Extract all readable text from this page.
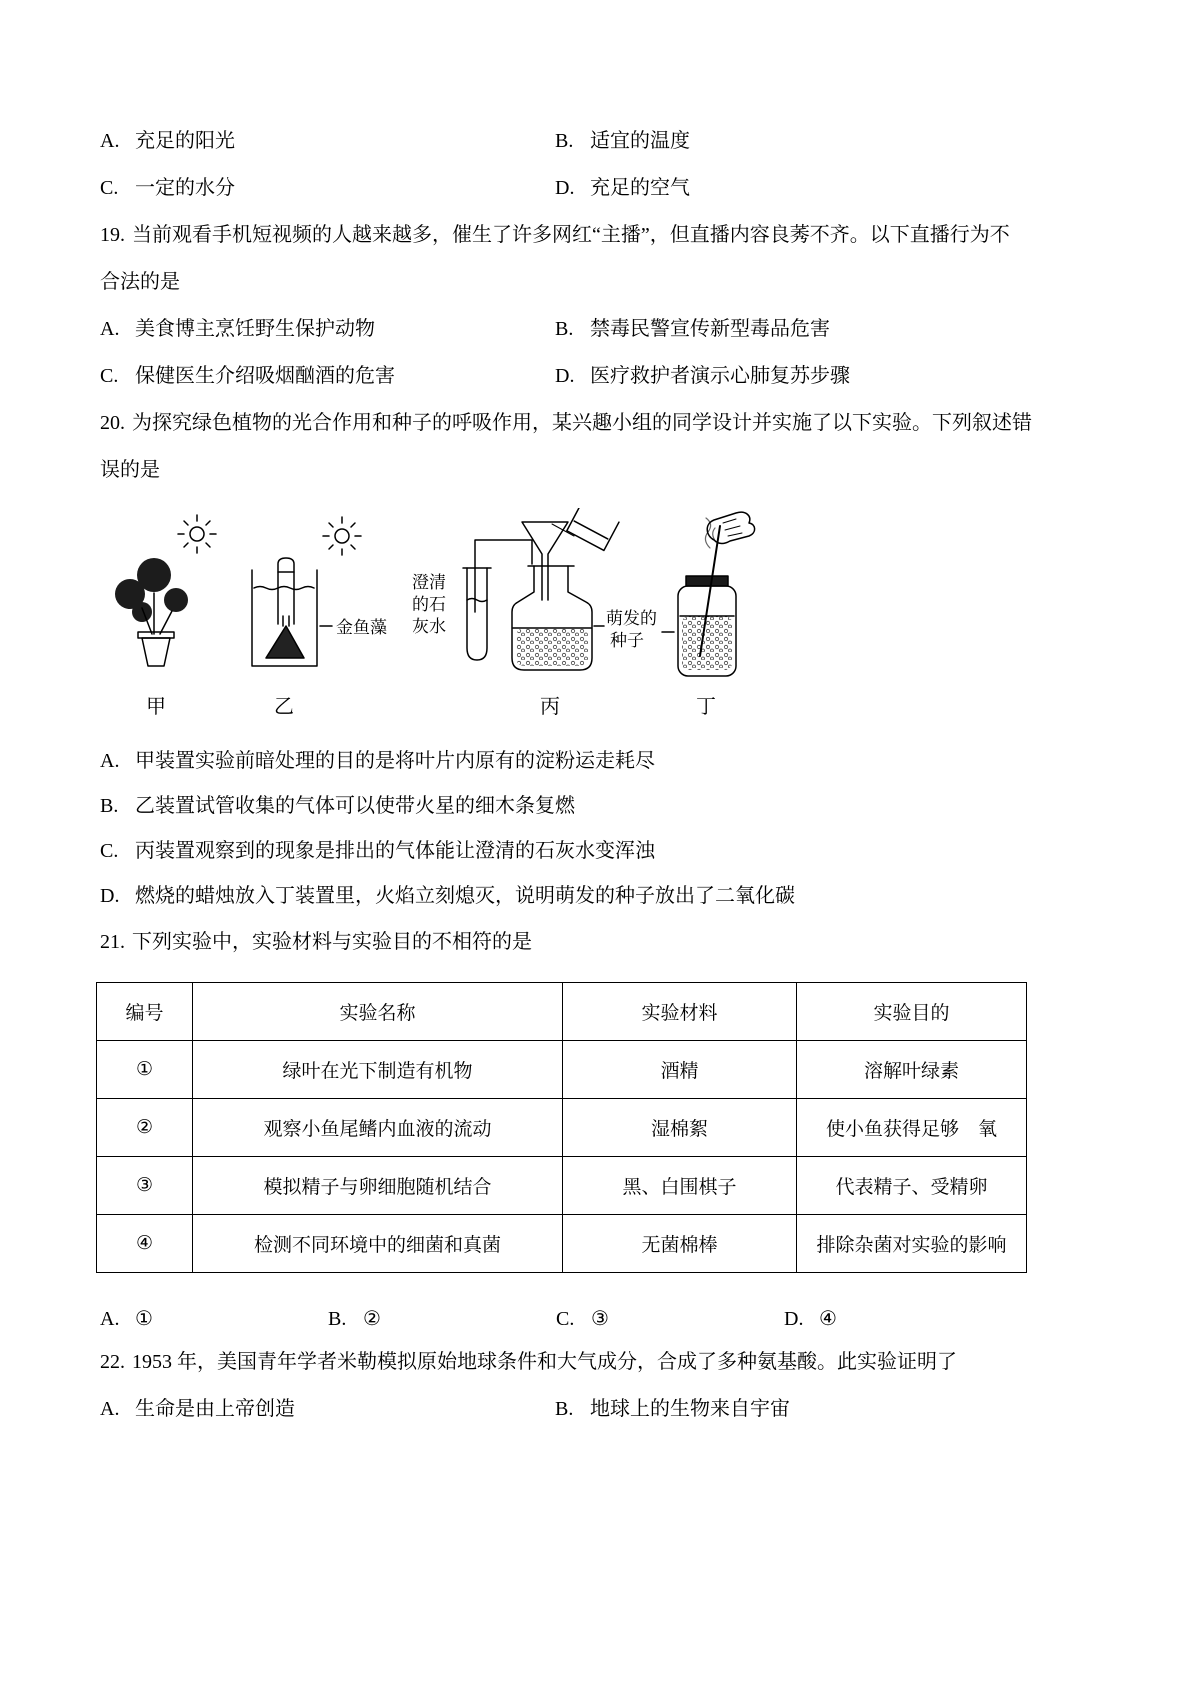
A. 充足的阳光	B. 适宜的温度
C. 一定的水分	D. 充足的空气
19. 当前观看手机短视频的人越来越多，催生了许多网红“主播”，但直播内容良莠不齐。以下直播行为不
合法的是
A. 美食博主烹饪野生保护动物	B. 禁毒民警宣传新型毒品危害
C. 保健医生介绍吸烟酗酒的危害	D. 医疗救护者演示心肺复苏步骤
20. 为探究绿色植物的光合作用和种子的呼吸作用，某兴趣小组的同学设计并实施了以下实验。下列叙述错
误的是
金鱼藻
澄清
的石
灰水	萌发的
种子
甲	乙	丙	丁
A. 甲装置实验前暗处理的目的是将叶片内原有的淀粉运走耗尽
B. 乙装置试管收集的气体可以使带火星的细木条复燃
C. 丙装置观察到的现象是排出的气体能让澄清的石灰水变浑浊
D. 燃烧的蜡烛放入丁装置里，火焰立刻熄灭，说明萌发的种子放出了二氧化碳
21. 下列实验中，实验材料与实验目的不相符的是
编号	实验名称	实验材料	实验目的
①	绿叶在光下制造有机物	酒精	溶解叶绿素
②	观察小鱼尾鳍内血液的流动	湿棉絮	使小鱼获得足够　氧
③	模拟精子与卵细胞随机结合	黑、白围棋子	代表精子、受精卵
④	检测不同环境中的细菌和真菌	无菌棉棒	排除杂菌对实验的影响
A. ①	B. ②	C. ③	D. ④
22. 1953 年，美国青年学者米勒模拟原始地球条件和大气成分，合成了多种氨基酸。此实验证明了
A. 生命是由上帝创造	B. 地球上的生物来自宇宙
